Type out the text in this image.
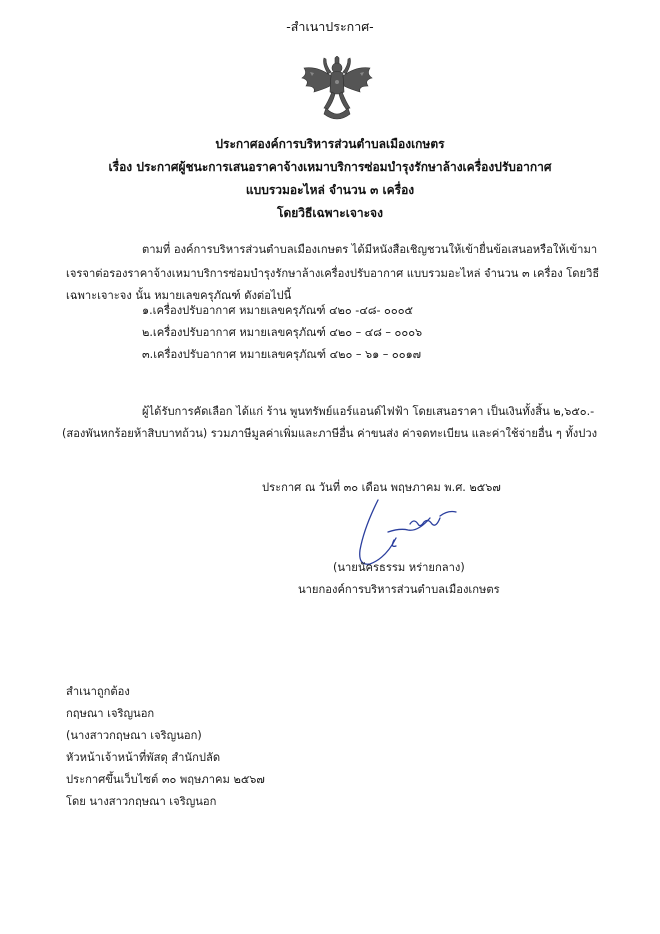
-สำเนาประกาศ-
ประกาศองค์การบริหารส่วนตำบลเมืองเกษตร
เรื่อง ประกาศผู้ชนะการเสนอราคาจ้างเหมาบริการซ่อมบำรุงรักษาล้างเครื่องปรับอากาศ
แบบรวมอะไหล่ จำนวน ๓ เครื่อง
โดยวิธีเฉพาะเจาะจง
ตามที่ องค์การบริหารส่วนตำบลเมืองเกษตร ได้มีหนังสือเชิญชวนให้เข้ายื่นข้อเสนอหรือให้เข้ามา
เจรจาต่อรองราคาจ้างเหมาบริการซ่อมบำรุงรักษาล้างเครื่องปรับอากาศ แบบรวมอะไหล่ จำนวน ๓ เครื่อง โดยวิธี
เฉพาะเจาะจง นั้น หมายเลขครุภัณฑ์ ดังต่อไปนี้
๑.เครื่องปรับอากาศ หมายเลขครุภัณฑ์ ๔๒๐ -๔๘- ๐๐๐๕
๒.เครื่องปรับอากาศ หมายเลขครุภัณฑ์ ๔๒๐ – ๔๘ – ๐๐๐๖
๓.เครื่องปรับอากาศ หมายเลขครุภัณฑ์ ๔๒๐ – ๖๑ – ๐๐๑๗
ผู้ได้รับการคัดเลือก ได้แก่ ร้าน พูนทรัพย์แอร์แอนด์ไฟฟ้า โดยเสนอราคา เป็นเงินทั้งสิ้น ๒,๖๕๐.-
(สองพันหกร้อยห้าสิบบาทถ้วน) รวมภาษีมูลค่าเพิ่มและภาษีอื่น ค่าขนส่ง ค่าจดทะเบียน และค่าใช้จ่ายอื่น ๆ ทั้งปวง
ประกาศ ณ วันที่ ๓๐ เดือน พฤษภาคม พ.ศ. ๒๕๖๗
(นายนัครธรรม หร่ายกลาง)
นายกองค์การบริหารส่วนตำบลเมืองเกษตร
สำเนาถูกต้อง
กฤษณา เจริญนอก
(นางสาวกฤษณา เจริญนอก)
หัวหน้าเจ้าหน้าที่พัสดุ สำนักปลัด
ประกาศขึ้นเว็บไซต์ ๓๐ พฤษภาคม ๒๕๖๗
โดย นางสาวกฤษณา เจริญนอก
